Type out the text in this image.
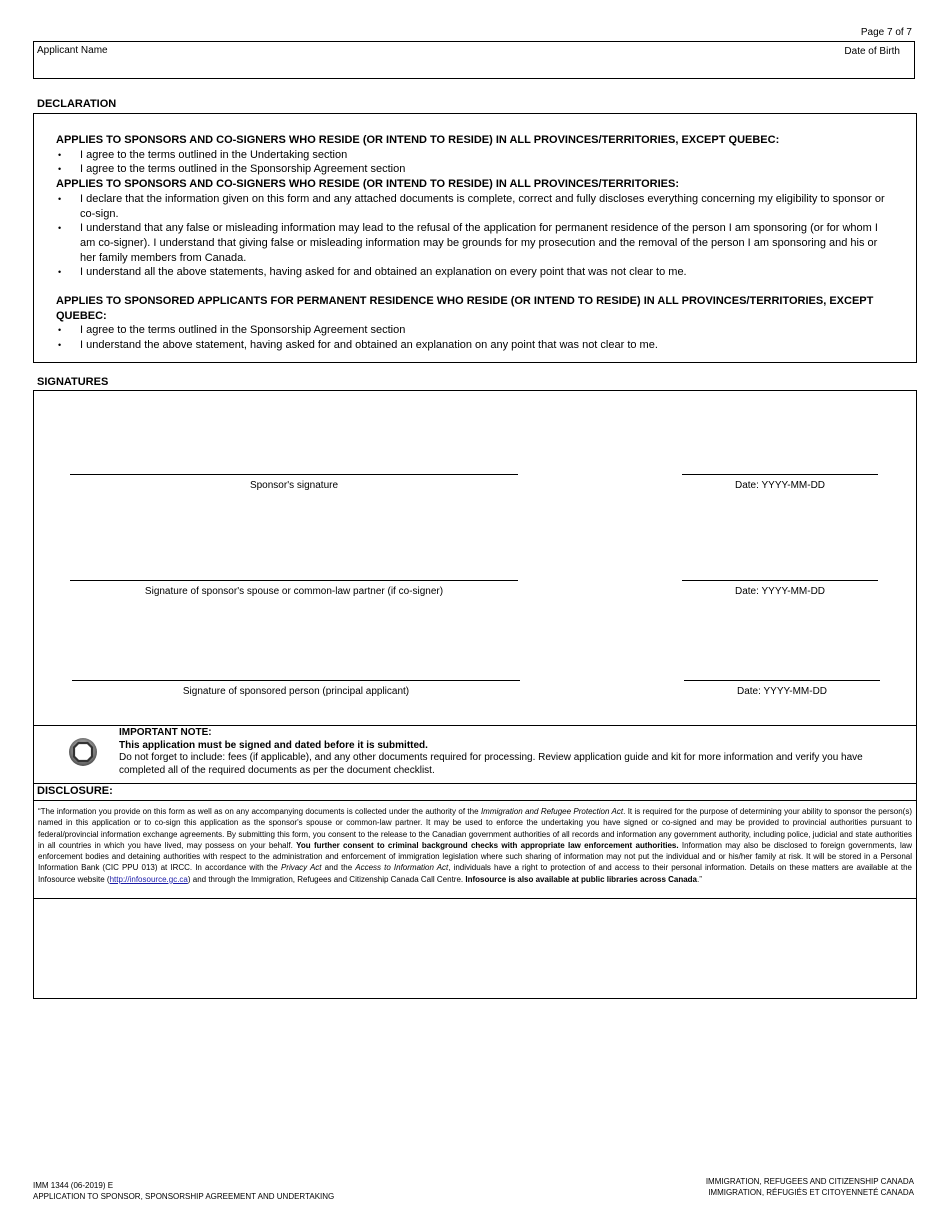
Page 7 of 7
Applicant Name	Date of Birth
DECLARATION
APPLIES TO SPONSORS AND CO-SIGNERS WHO RESIDE (OR INTEND TO RESIDE) IN ALL PROVINCES/TERRITORIES, EXCEPT QUEBEC:
• I agree to the terms outlined in the Undertaking section
• I agree to the terms outlined in the Sponsorship Agreement section
APPLIES TO SPONSORS AND CO-SIGNERS WHO RESIDE (OR INTEND TO RESIDE) IN ALL PROVINCES/TERRITORIES:
• I declare that the information given on this form and any attached documents is complete, correct and fully discloses everything concerning my eligibility to sponsor or co-sign.
• I understand that any false or misleading information may lead to the refusal of the application for permanent residence of the person I am sponsoring (or for whom I am co-signer). I understand that giving false or misleading information may be grounds for my prosecution and the removal of the person I am sponsoring and his or her family members from Canada.
• I understand all the above statements, having asked for and obtained an explanation on every point that was not clear to me.
APPLIES TO SPONSORED APPLICANTS FOR PERMANENT RESIDENCE WHO RESIDE (OR INTEND TO RESIDE) IN ALL PROVINCES/TERRITORIES, EXCEPT QUEBEC:
• I agree to the terms outlined in the Sponsorship Agreement section
• I understand the above statement, having asked for and obtained an explanation on any point that was not clear to me.
SIGNATURES
Sponsor's signature	Date: YYYY-MM-DD
Signature of sponsor's spouse or common-law partner (if co-signer)	Date: YYYY-MM-DD
Signature of sponsored person (principal applicant)	Date: YYYY-MM-DD
IMPORTANT NOTE:
This application must be signed and dated before it is submitted.
Do not forget to include: fees (if applicable), and any other documents required for processing. Review application guide and kit for more information and verify you have completed all of the required documents as per the document checklist.
DISCLOSURE:
“The information you provide on this form as well as on any accompanying documents is collected under the authority of the Immigration and Refugee Protection Act. It is required for the purpose of determining your ability to sponsor the person(s) named in this application or to co-sign this application as the sponsor's spouse or common-law partner. It may be used to enforce the undertaking you have signed or co-signed and may be provided to provincial authorities pursuant to federal/provincial information exchange agreements. By submitting this form, you consent to the release to the Canadian government authorities of all records and information any government authority, including police, judicial and state authorities in all countries in which you have lived, may possess on your behalf. You further consent to criminal background checks with appropriate law enforcement authorities. Information may also be disclosed to foreign governments, law enforcement bodies and detaining authorities with respect to the administration and enforcement of immigration legislation where such sharing of information may not put the individual and or his/her family at risk. It will be stored in a Personal Information Bank (CIC PPU 013) at IRCC. In accordance with the Privacy Act and the Access to Information Act, individuals have a right to protection of and access to their personal information. Details on these matters are available at the Infosource website (http://infosource.gc.ca) and through the Immigration, Refugees and Citizenship Canada Call Centre. Infosource is also available at public libraries across Canada.”
IMM 1344 (06-2019) E
APPLICATION TO SPONSOR, SPONSORSHIP AGREEMENT AND UNDERTAKING
IMMIGRATION, REFUGEES AND CITIZENSHIP CANADA
IMMIGRATION, RÉFUGIÉS ET CITOYENNETÉ CANADA
